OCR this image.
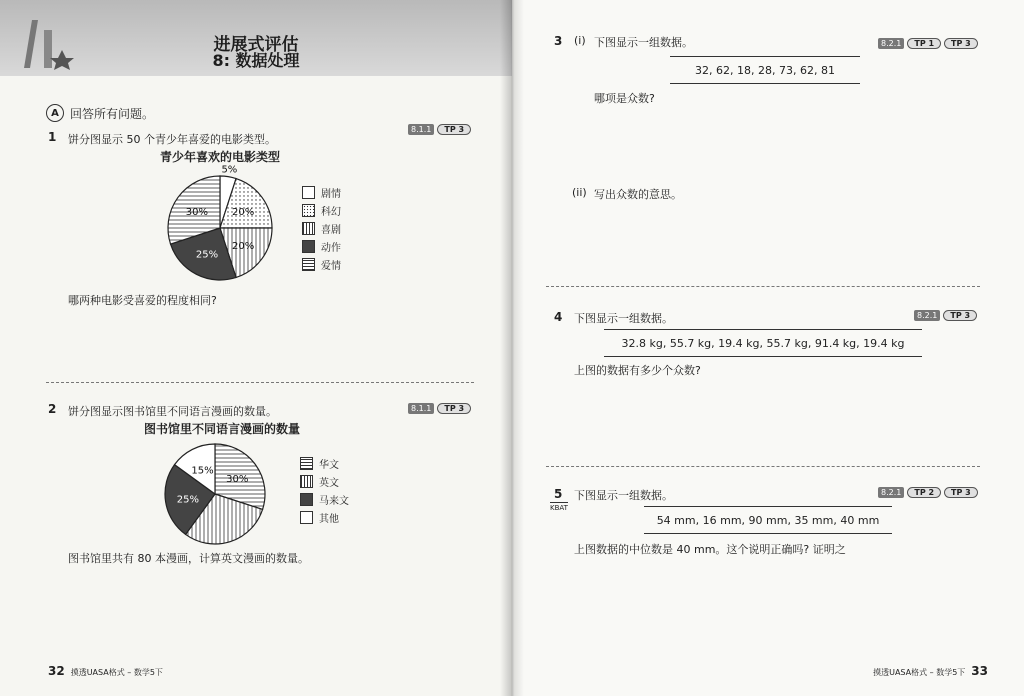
进展式评估
8: 数据处理
A 回答所有问题。
1 饼分图显示 50 个青少年喜爱的电影类型。
8.1.1	TP 3
青少年喜欢的电影类型
5%
20%
20%
25%
30%
剧情
科幻
喜剧
动作
爱情
哪两种电影受喜爱的程度相同?
2 饼分图显示图书馆里不同语言漫画的数量。	8.1.1	TP 3
图书馆里不同语言漫画的数量
30%
25%
15%
华文
英文
马来文
其他
图书馆里共有 80 本漫画，计算英文漫画的数量。
32 摸透UASA格式 – 数学5下
3 (i) 下图显示一组数据。	8.2.1	TP 1	TP 3
32, 62, 18, 28, 73, 62, 81
哪项是众数?
(ii) 写出众数的意思。
4 下图显示一组数据。	8.2.1	TP 3
32.8 kg, 55.7 kg, 19.4 kg, 55.7 kg, 91.4 kg, 19.4 kg
上图的数据有多少个众数?
5
KBAT
下图显示一组数据。	8.2.1	TP 2	TP 3
54 mm, 16 mm, 90 mm, 35 mm, 40 mm
上图数据的中位数是 40 mm。这个说明正确吗? 证明之
摸透UASA格式 – 数学5下 33
